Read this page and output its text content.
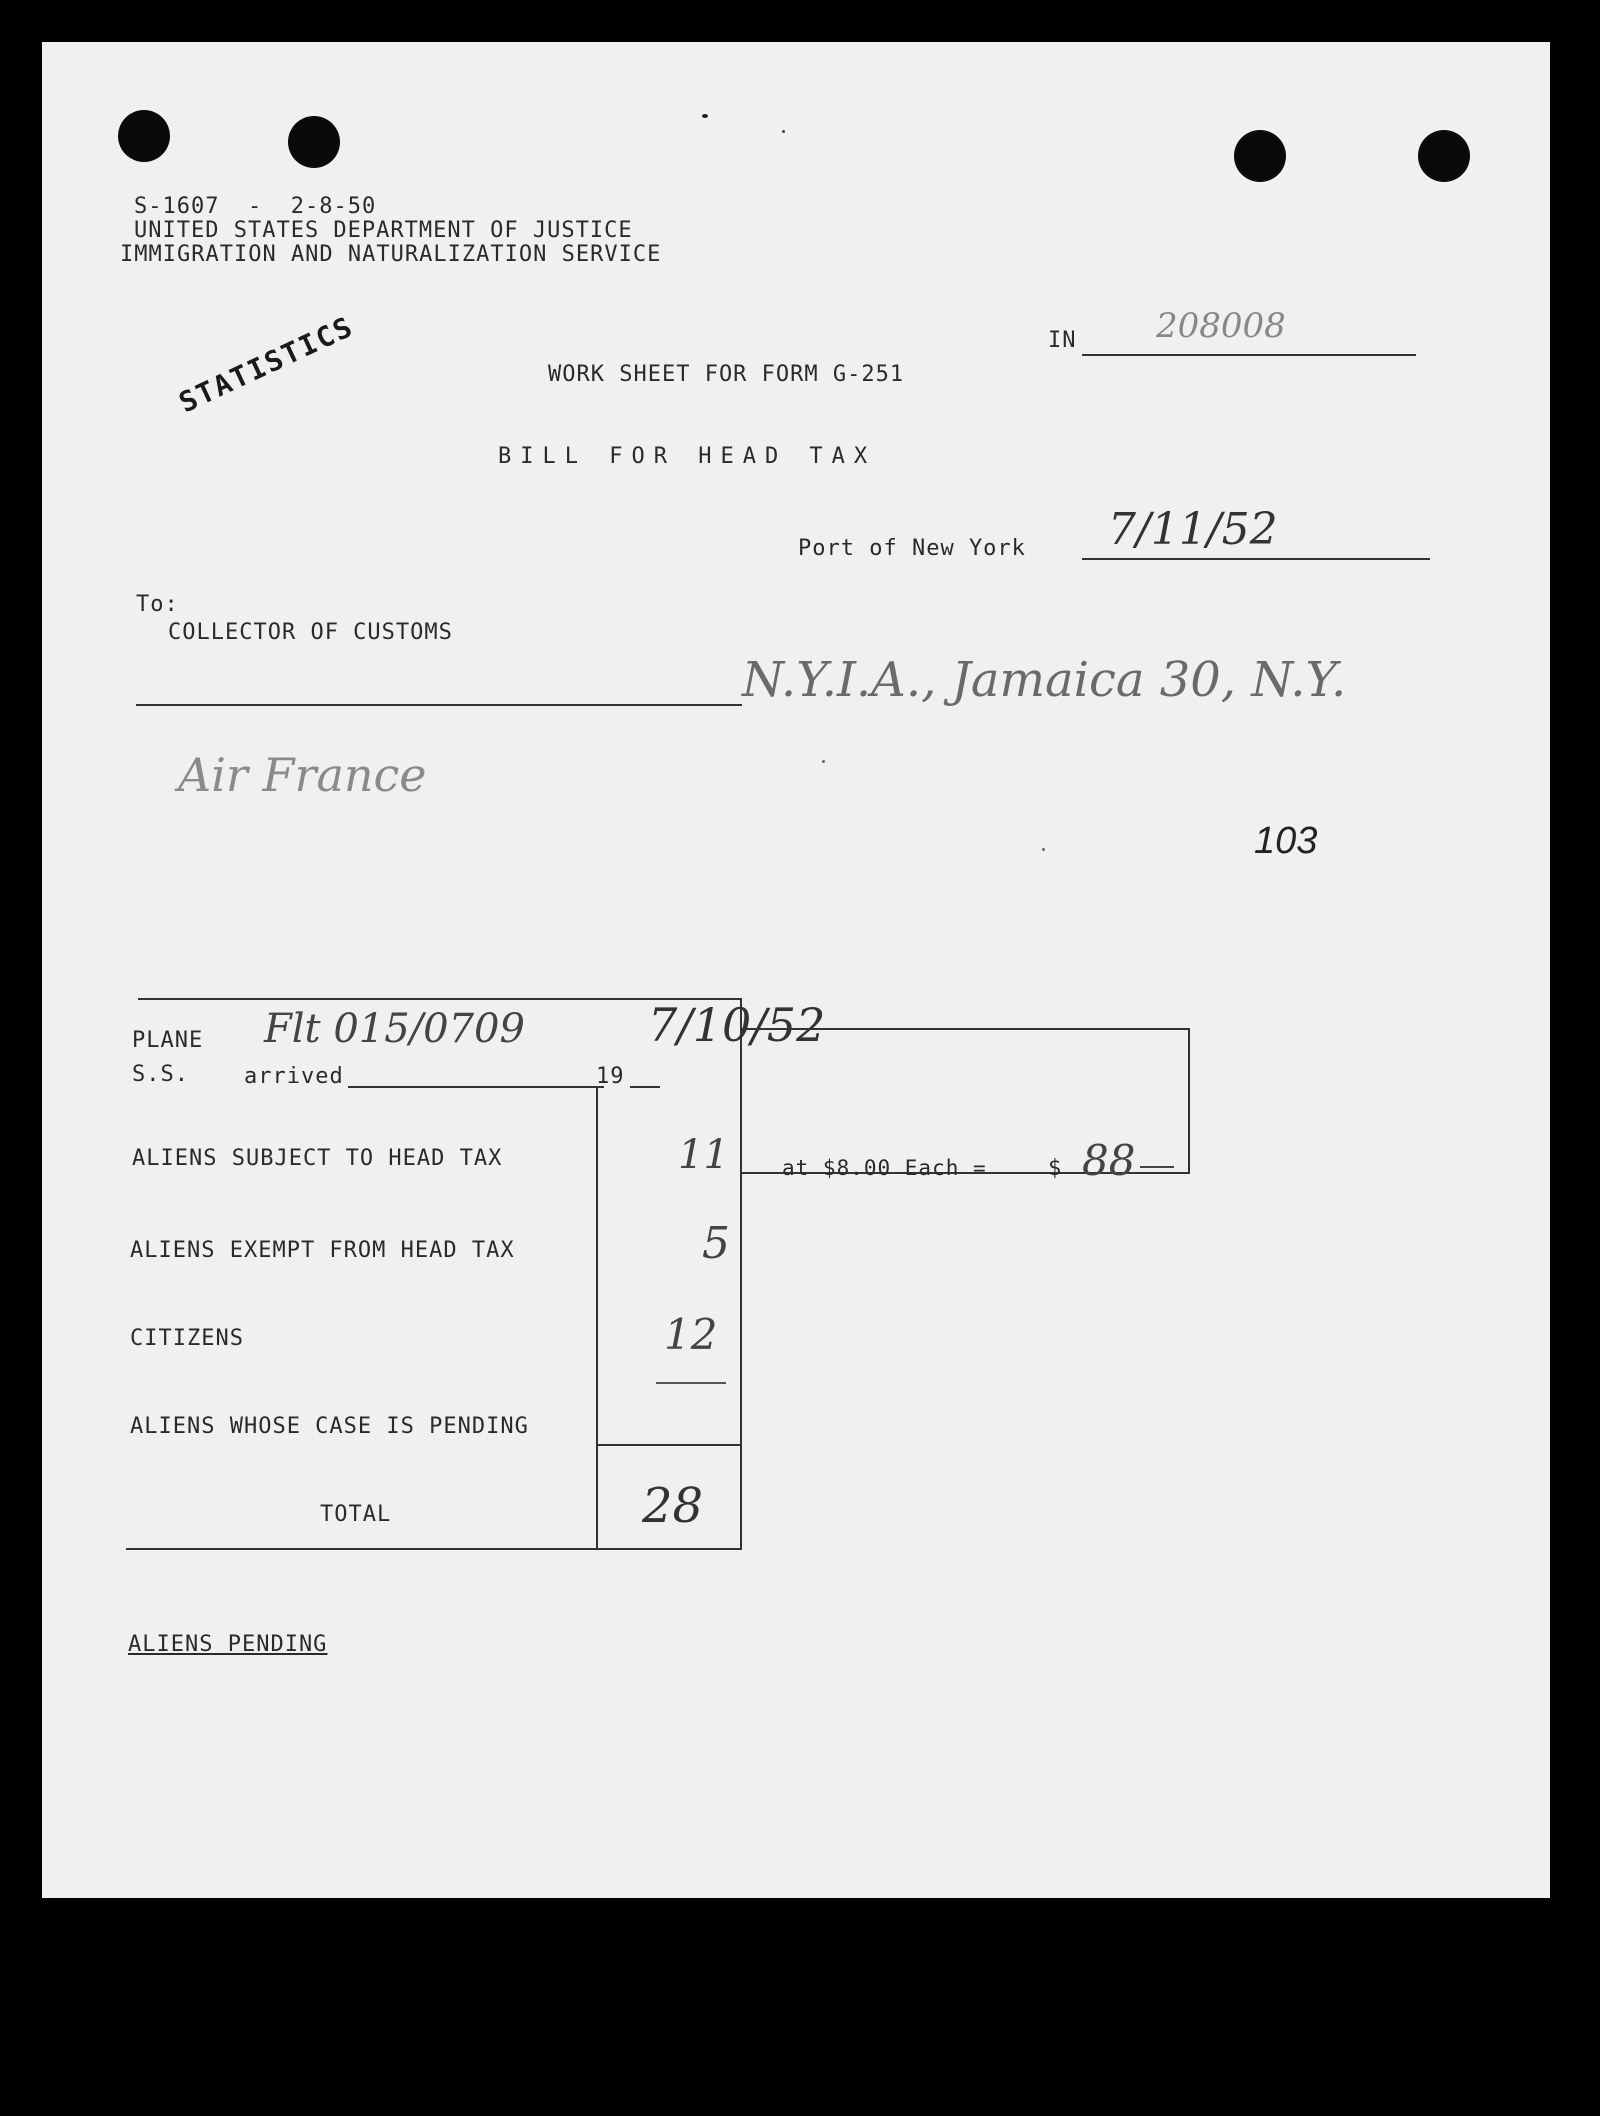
S-1607  -  2-8-50
UNITED STATES DEPARTMENT OF JUSTICE
IMMIGRATION AND NATURALIZATION SERVICE
STATISTICS	IN 208008
WORK SHEET FOR FORM G-251
BILL FOR HEAD TAX
Port of New York 7/11/52
To:
COLLECTOR OF CUSTOMS
N.Y.I.A., Jamaica 30, N.Y.
Air France
103
PLANE
S.S.	arrived	19
Flt 015/0709	7/10/52
ALIENS SUBJECT TO HEAD TAX	11
ALIENS EXEMPT FROM HEAD TAX	5
CITIZENS	12
ALIENS WHOSE CASE IS PENDING
TOTAL	28
at $8.00 Each =	$ 88
ALIENS PENDING
